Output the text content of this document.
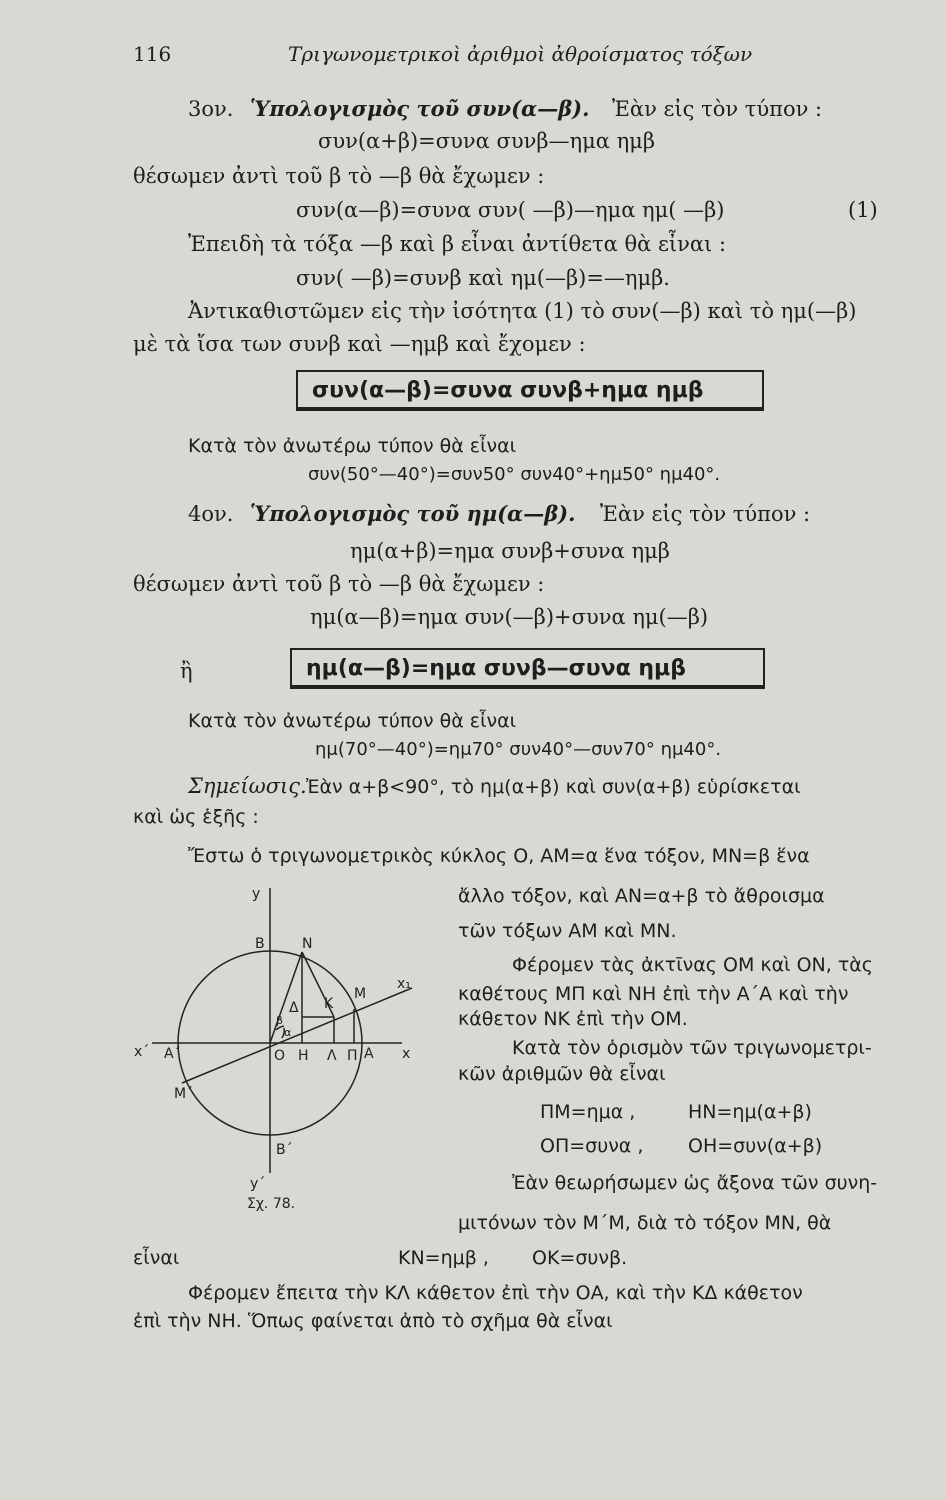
116	Τριγωνομετρικοὶ ἀριθμοὶ ἀθροίσματος τόξων
3ον. Ὑπολογισμὸς τοῦ συν(α—β). Ἐὰν εἰς τὸν τύπον :
συν(α+β)=συνα συνβ—ημα ημβ
θέσωμεν ἀντὶ τοῦ β τὸ —β θὰ ἔχωμεν :
συν(α—β)=συνα συν( —β)—ημα ημ( —β)	(1)
Ἐπειδὴ τὰ τόξα —β καὶ β εἶναι ἀντίθετα θὰ εἶναι :
συν( —β)=συνβ καὶ ημ(—β)=—ημβ.
Ἀντικαθιστῶμεν εἰς τὴν ἰσότητα (1) τὸ συν(—β) καὶ τὸ ημ(—β)
μὲ τὰ ἴσα των συνβ καὶ —ημβ καὶ ἔχομεν :
συν(α—β)=συνα συνβ+ημα ημβ
Κατὰ τὸν ἀνωτέρω τύπον θὰ εἶναι
συν(50°—40°)=συν50° συν40°+ημ50° ημ40°.
4ον. Ὑπολογισμὸς τοῦ ημ(α—β). Ἐὰν εἰς τὸν τύπον :
ημ(α+β)=ημα συνβ+συνα ημβ
θέσωμεν ἀντὶ τοῦ β τὸ —β θὰ ἔχωμεν :
ημ(α—β)=ημα συν(—β)+συνα ημ(—β)
ἢ	ημ(α—β)=ημα συνβ—συνα ημβ
Κατὰ τὸν ἀνωτέρω τύπον θὰ εἶναι
ημ(70°—40°)=ημ70° συν40°—συν70° ημ40°.
Σημείωσις. Ἐὰν α+β<90°, τὸ ημ(α+β) καὶ συν(α+β) εὑρίσκεται
καὶ ὡς ἑξῆς :
Ἔστω ὁ τριγωνομετρικὸς κύκλος Ο, ΑΜ=α ἕνα τόξον, ΜΝ=β ἕνα
ἄλλο τόξον, καὶ ΑΝ=α+β τὸ ἄθροισμα
τῶν τόξων ΑΜ καὶ ΜΝ.
Φέρομεν τὰς ἀκτῖνας ΟΜ καὶ ΟΝ, τὰς
καθέτους ΜΠ καὶ ΝΗ ἐπὶ τὴν Α΄Α καὶ τὴν
κάθετον ΝΚ ἐπὶ τὴν ΟΜ.
Κατὰ τὸν ὁρισμὸν τῶν τριγωνομετρι-
κῶν ἀριθμῶν θὰ εἶναι
ΠΜ=ημα ,	ΗΝ=ημ(α+β)
ΟΠ=συνα , ΟΗ=συν(α+β)
Ἐὰν θεωρήσωμεν ὡς ἄξονα τῶν συνη-
μιτόνων τὸν Μ΄Μ, διὰ τὸ τόξον ΜΝ, θὰ
εἶναι	ΚΝ=ημβ , ΟΚ=συνβ.
Φέρομεν ἔπειτα τὴν ΚΛ κάθετον ἐπὶ τὴν ΟΑ, καὶ τὴν ΚΔ κάθετον
ἐπὶ τὴν ΝΗ. Ὅπως φαίνεται ἀπὸ τὸ σχῆμα θὰ εἶναι
y
y΄
x
x΄
x₁
B
B΄
A
A΄
N
M
M΄
K
O H Λ Π
Δ
β
α
Σχ. 78.
